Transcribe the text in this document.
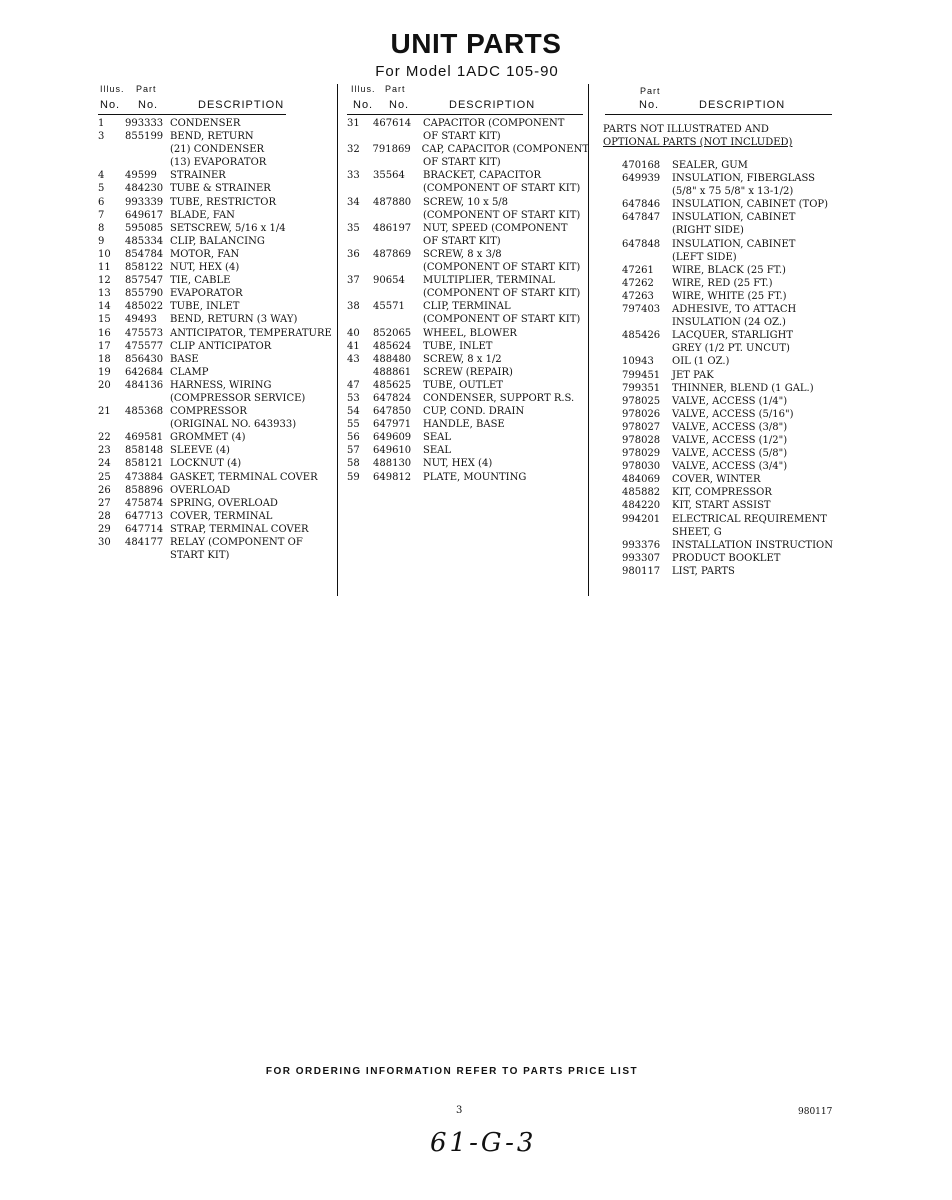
UNIT PARTS
For Model 1ADC 105-90
Illus. Part
No. No.	DESCRIPTION
1	993333 CONDENSER
3	855199 BEND, RETURN
(21) CONDENSER
(13) EVAPORATOR
4	49599	STRAINER
5	484230 TUBE & STRAINER
6	993339 TUBE, RESTRICTOR
7	649617 BLADE, FAN
8	595085 SETSCREW, 5/16 x 1/4
9	485334 CLIP, BALANCING
10	854784 MOTOR, FAN
11	858122 NUT, HEX (4)
12	857547 TIE, CABLE
13	855790 EVAPORATOR
14	485022 TUBE, INLET
15	49493	BEND, RETURN (3 WAY)
16	475573 ANTICIPATOR, TEMPERATURE
17	475577 CLIP ANTICIPATOR
18	856430 BASE
19	642684 CLAMP
20	484136 HARNESS, WIRING
(COMPRESSOR SERVICE)
21	485368 COMPRESSOR
(ORIGINAL NO. 643933)
22	469581 GROMMET (4)
23	858148 SLEEVE (4)
24	858121 LOCKNUT (4)
25	473884 GASKET, TERMINAL COVER
26	858896 OVERLOAD
27	475874 SPRING, OVERLOAD
28	647713 COVER, TERMINAL
29	647714 STRAP, TERMINAL COVER
30	484177 RELAY (COMPONENT OF
START KIT)
Illus. Part
No. No.	DESCRIPTION
31	467614	CAPACITOR (COMPONENT
OF START KIT)
32	791869	CAP, CAPACITOR (COMPONENT
OF START KIT)
33	35564	BRACKET, CAPACITOR
(COMPONENT OF START KIT)
34	487880	SCREW, 10 x 5/8
(COMPONENT OF START KIT)
35	486197	NUT, SPEED (COMPONENT
OF START KIT)
36	487869	SCREW, 8 x 3/8
(COMPONENT OF START KIT)
37	90654	MULTIPLIER, TERMINAL
(COMPONENT OF START KIT)
38	45571	CLIP, TERMINAL
(COMPONENT OF START KIT)
40	852065	WHEEL, BLOWER
41	485624	TUBE, INLET
43	488480	SCREW, 8 x 1/2
488861	SCREW (REPAIR)
47	485625	TUBE, OUTLET
53	647824	CONDENSER, SUPPORT R.S.
54	647850	CUP, COND. DRAIN
55	647971	HANDLE, BASE
56	649609	SEAL
57	649610	SEAL
58	488130	NUT, HEX (4)
59	649812	PLATE, MOUNTING
Part
No.	DESCRIPTION
PARTS NOT ILLUSTRATED AND
OPTIONAL PARTS (NOT INCLUDED)
470168	SEALER, GUM
649939	INSULATION, FIBERGLASS
(5/8" x 75 5/8" x 13-1/2)
647846	INSULATION, CABINET (TOP)
647847	INSULATION, CABINET
(RIGHT SIDE)
647848	INSULATION, CABINET
(LEFT SIDE)
47261	WIRE, BLACK (25 FT.)
47262	WIRE, RED (25 FT.)
47263	WIRE, WHITE (25 FT.)
797403	ADHESIVE, TO ATTACH
INSULATION (24 OZ.)
485426	LACQUER, STARLIGHT
GREY (1/2 PT. UNCUT)
10943	OIL (1 OZ.)
799451	JET PAK
799351	THINNER, BLEND (1 GAL.)
978025	VALVE, ACCESS (1/4")
978026	VALVE, ACCESS (5/16")
978027	VALVE, ACCESS (3/8")
978028	VALVE, ACCESS (1/2")
978029	VALVE, ACCESS (5/8")
978030	VALVE, ACCESS (3/4")
484069	COVER, WINTER
485882	KIT, COMPRESSOR
484220	KIT, START ASSIST
994201	ELECTRICAL REQUIREMENT
SHEET, G
993376	INSTALLATION INSTRUCTION
993307	PRODUCT BOOKLET
980117	LIST, PARTS
FOR ORDERING INFORMATION REFER TO PARTS PRICE LIST
3	980117
61-G-3
